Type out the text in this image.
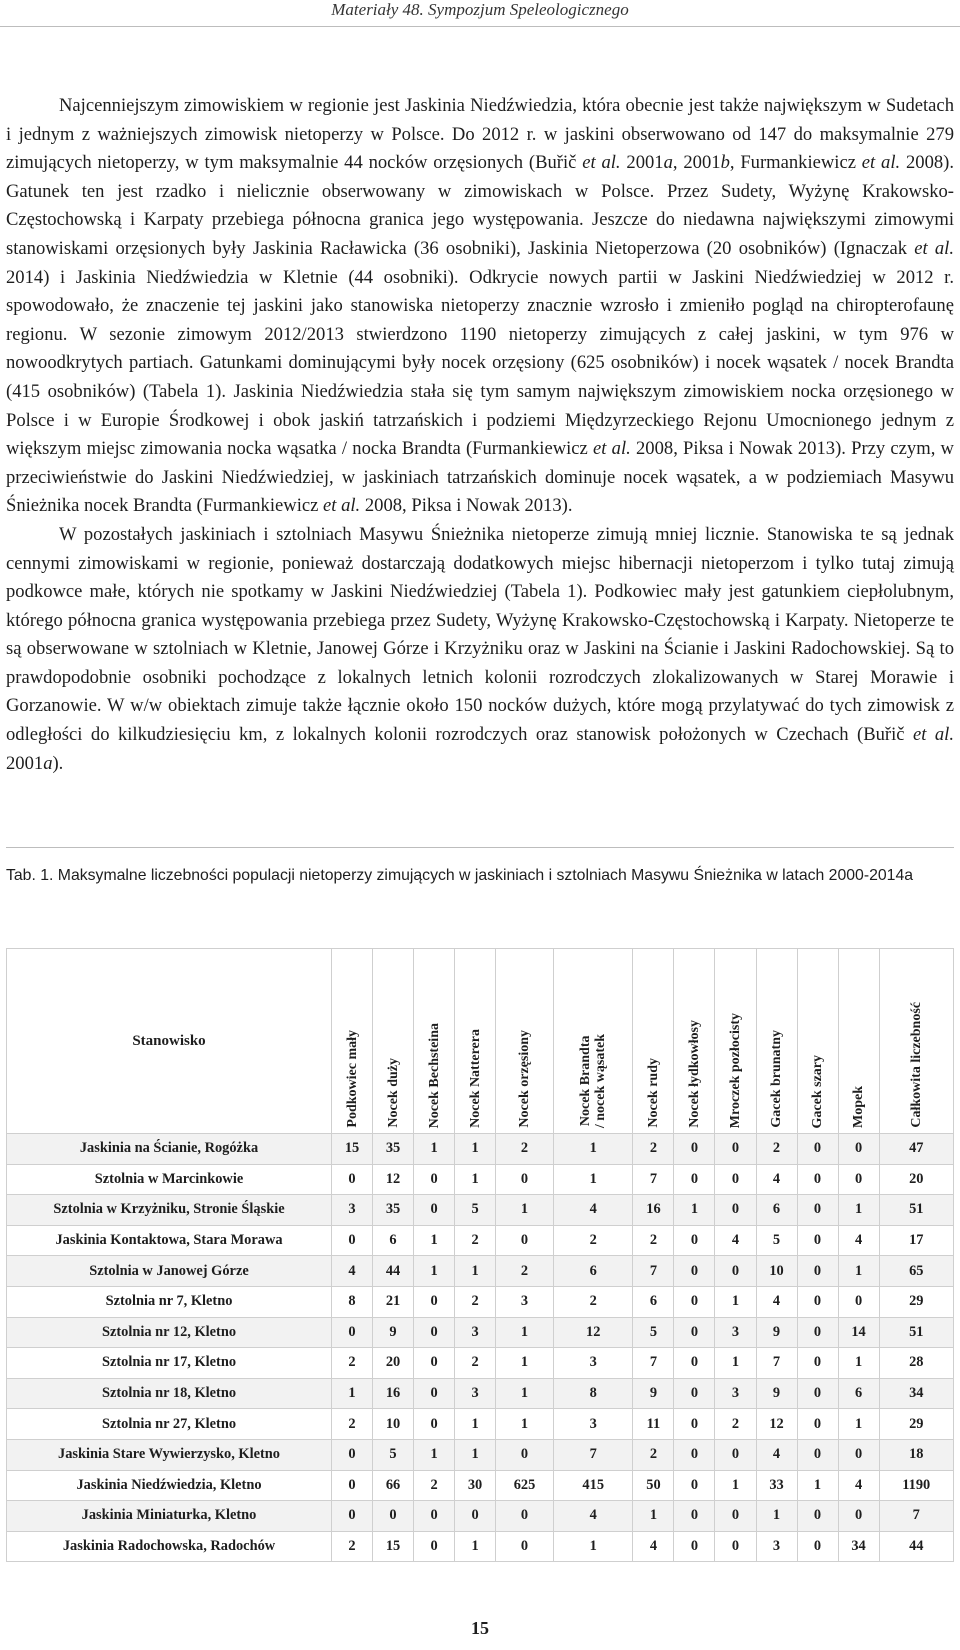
Materiały 48. Sympozjum Speleologicznego

Najcenniejszym zimowiskiem w regionie jest Jaskinia Niedźwiedzia, która obecnie jest także największym w Sudetach i jednym z ważniejszych zimowisk nietoperzy w Polsce. Do 2012 r. w jaskini obserwowano od 147 do maksymalnie 279 zimujących nietoperzy, w tym maksymalnie 44 nocków orzęsionych (Buřič et al. 2001a, 2001b, Furmankiewicz et al. 2008). Gatunek ten jest rzadko i nielicznie obserwowany w zimowiskach w Polsce. Przez Sudety, Wyżynę Krakowsko-Częstochowską i Karpaty przebiega północna granica jego występowania. Jeszcze do niedawna największymi zimowymi stanowiskami orzęsionych były Jaskinia Racławicka (36 osobniki), Jaskinia Nietoperzowa (20 osobników) (Ignaczak et al. 2014) i Jaskinia Niedźwiedzia w Kletnie (44 osobniki). Odkrycie nowych partii w Jaskini Niedźwiedziej w 2012 r. spowodowało, że znaczenie tej jaskini jako stanowiska nietoperzy znacznie wzrosło i zmieniło pogląd na chiropterofaunę regionu. W sezonie zimowym 2012/2013 stwierdzono 1190 nietoperzy zimujących z całej jaskini, w tym 976 w nowoodkrytych partiach. Gatunkami dominującymi były nocek orzęsiony (625 osobników) i nocek wąsatek / nocek Brandta (415 osobników) (Tabela 1). Jaskinia Niedźwiedzia stała się tym samym największym zimowiskiem nocka orzęsionego w Polsce i w Europie Środkowej i obok jaskiń tatrzańskich i podziemi Międzyrzeckiego Rejonu Umocnionego jednym z większym miejsc zimowania nocka wąsatka / nocka Brandta (Furmankiewicz et al. 2008, Piksa i Nowak 2013). Przy czym, w przeciwieństwie do Jaskini Niedźwiedziej, w jaskiniach tatrzańskich dominuje nocek wąsatek, a w podziemiach Masywu Śnieżnika nocek Brandta (Furmankiewicz et al. 2008, Piksa i Nowak 2013).

W pozostałych jaskiniach i sztolniach Masywu Śnieżnika nietoperze zimują mniej licznie. Stanowiska te są jednak cennymi zimowiskami w regionie, ponieważ dostarczają dodatkowych miejsc hibernacji nietoperzom i tylko tutaj zimują podkowce małe, których nie spotkamy w Jaskini Niedźwiedziej (Tabela 1). Podkowiec mały jest gatunkiem ciepłolubnym, którego północna granica występowania przebiega przez Sudety, Wyżynę Krakowsko-Częstochowską i Karpaty. Nietoperze te są obserwowane w sztolniach w Kletnie, Janowej Górze i Krzyżniku oraz w Jaskini na Ścianie i Jaskini Radochowskiej. Są to prawdopodobnie osobniki pochodzące z lokalnych letnich kolonii rozrodczych zlokalizowanych w Starej Morawie i Gorzanowie. W w/w obiektach zimuje także łącznie około 150 nocków dużych, które mogą przylatywać do tych zimowisk z odległości do kilkudziesięciu km, z lokalnych kolonii rozrodczych oraz stanowisk położonych w Czechach (Buřič et al. 2001a).

Tab. 1. Maksymalne liczebności populacji nietoperzy zimujących w jaskiniach i sztolniach Masywu Śnieżnika w latach 2000-2014a
Stanowisko	Podkowiec mały	Nocek duży	Nocek Bechsteina	Nocek Natterera	Nocek orzęsiony	Nocek Brandta
/ nocek wąsatek	Nocek rudy	Nocek łydkowłosy	Mroczek pozłocisty	Gacek brunatny	Gacek szary	Mopek	Całkowita liczebność
Jaskinia na Ścianie, Rogóżka	15	35	1	1	2	1	2	0	0	2	0	0	47
Sztolnia w Marcinkowie	0	12	0	1	0	1	7	0	0	4	0	0	20
Sztolnia w Krzyżniku, Stronie Śląskie	3	35	0	5	1	4	16	1	0	6	0	1	51
Jaskinia Kontaktowa, Stara Morawa	0	6	1	2	0	2	2	0	4	5	0	4	17
Sztolnia w Janowej Górze	4	44	1	1	2	6	7	0	0	10	0	1	65
Sztolnia nr 7, Kletno	8	21	0	2	3	2	6	0	1	4	0	0	29
Sztolnia nr 12, Kletno	0	9	0	3	1	12	5	0	3	9	0	14	51
Sztolnia nr 17, Kletno	2	20	0	2	1	3	7	0	1	7	0	1	28
Sztolnia nr 18, Kletno	1	16	0	3	1	8	9	0	3	9	0	6	34
Sztolnia nr 27, Kletno	2	10	0	1	1	3	11	0	2	12	0	1	29
Jaskinia Stare Wywierzysko, Kletno	0	5	1	1	0	7	2	0	0	4	0	0	18
Jaskinia Niedźwiedzia, Kletno	0	66	2	30	625	415	50	0	1	33	1	4	1190
Jaskinia Miniaturka, Kletno	0	0	0	0	0	4	1	0	0	1	0	0	7
Jaskinia Radochowska, Radochów	2	15	0	1	0	1	4	0	0	3	0	34	44
15
